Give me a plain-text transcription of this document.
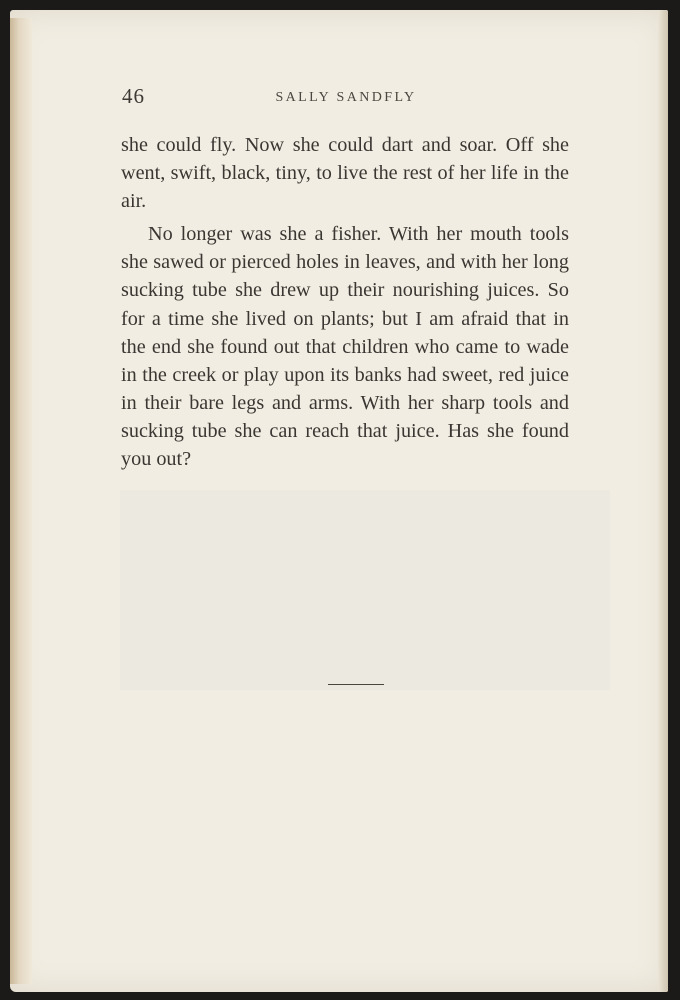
46	SALLY SANDFLY

she could fly. Now she could dart and soar. Off she went, swift, black, tiny, to live the rest of her life in the air.

No longer was she a fisher. With her mouth tools she sawed or pierced holes in leaves, and with her long sucking tube she drew up their nourishing juices. So for a time she lived on plants; but I am afraid that in the end she found out that children who came to wade in the creek or play upon its banks had sweet, red juice in their bare legs and arms. With her sharp tools and sucking tube she can reach that juice. Has she found you out?
